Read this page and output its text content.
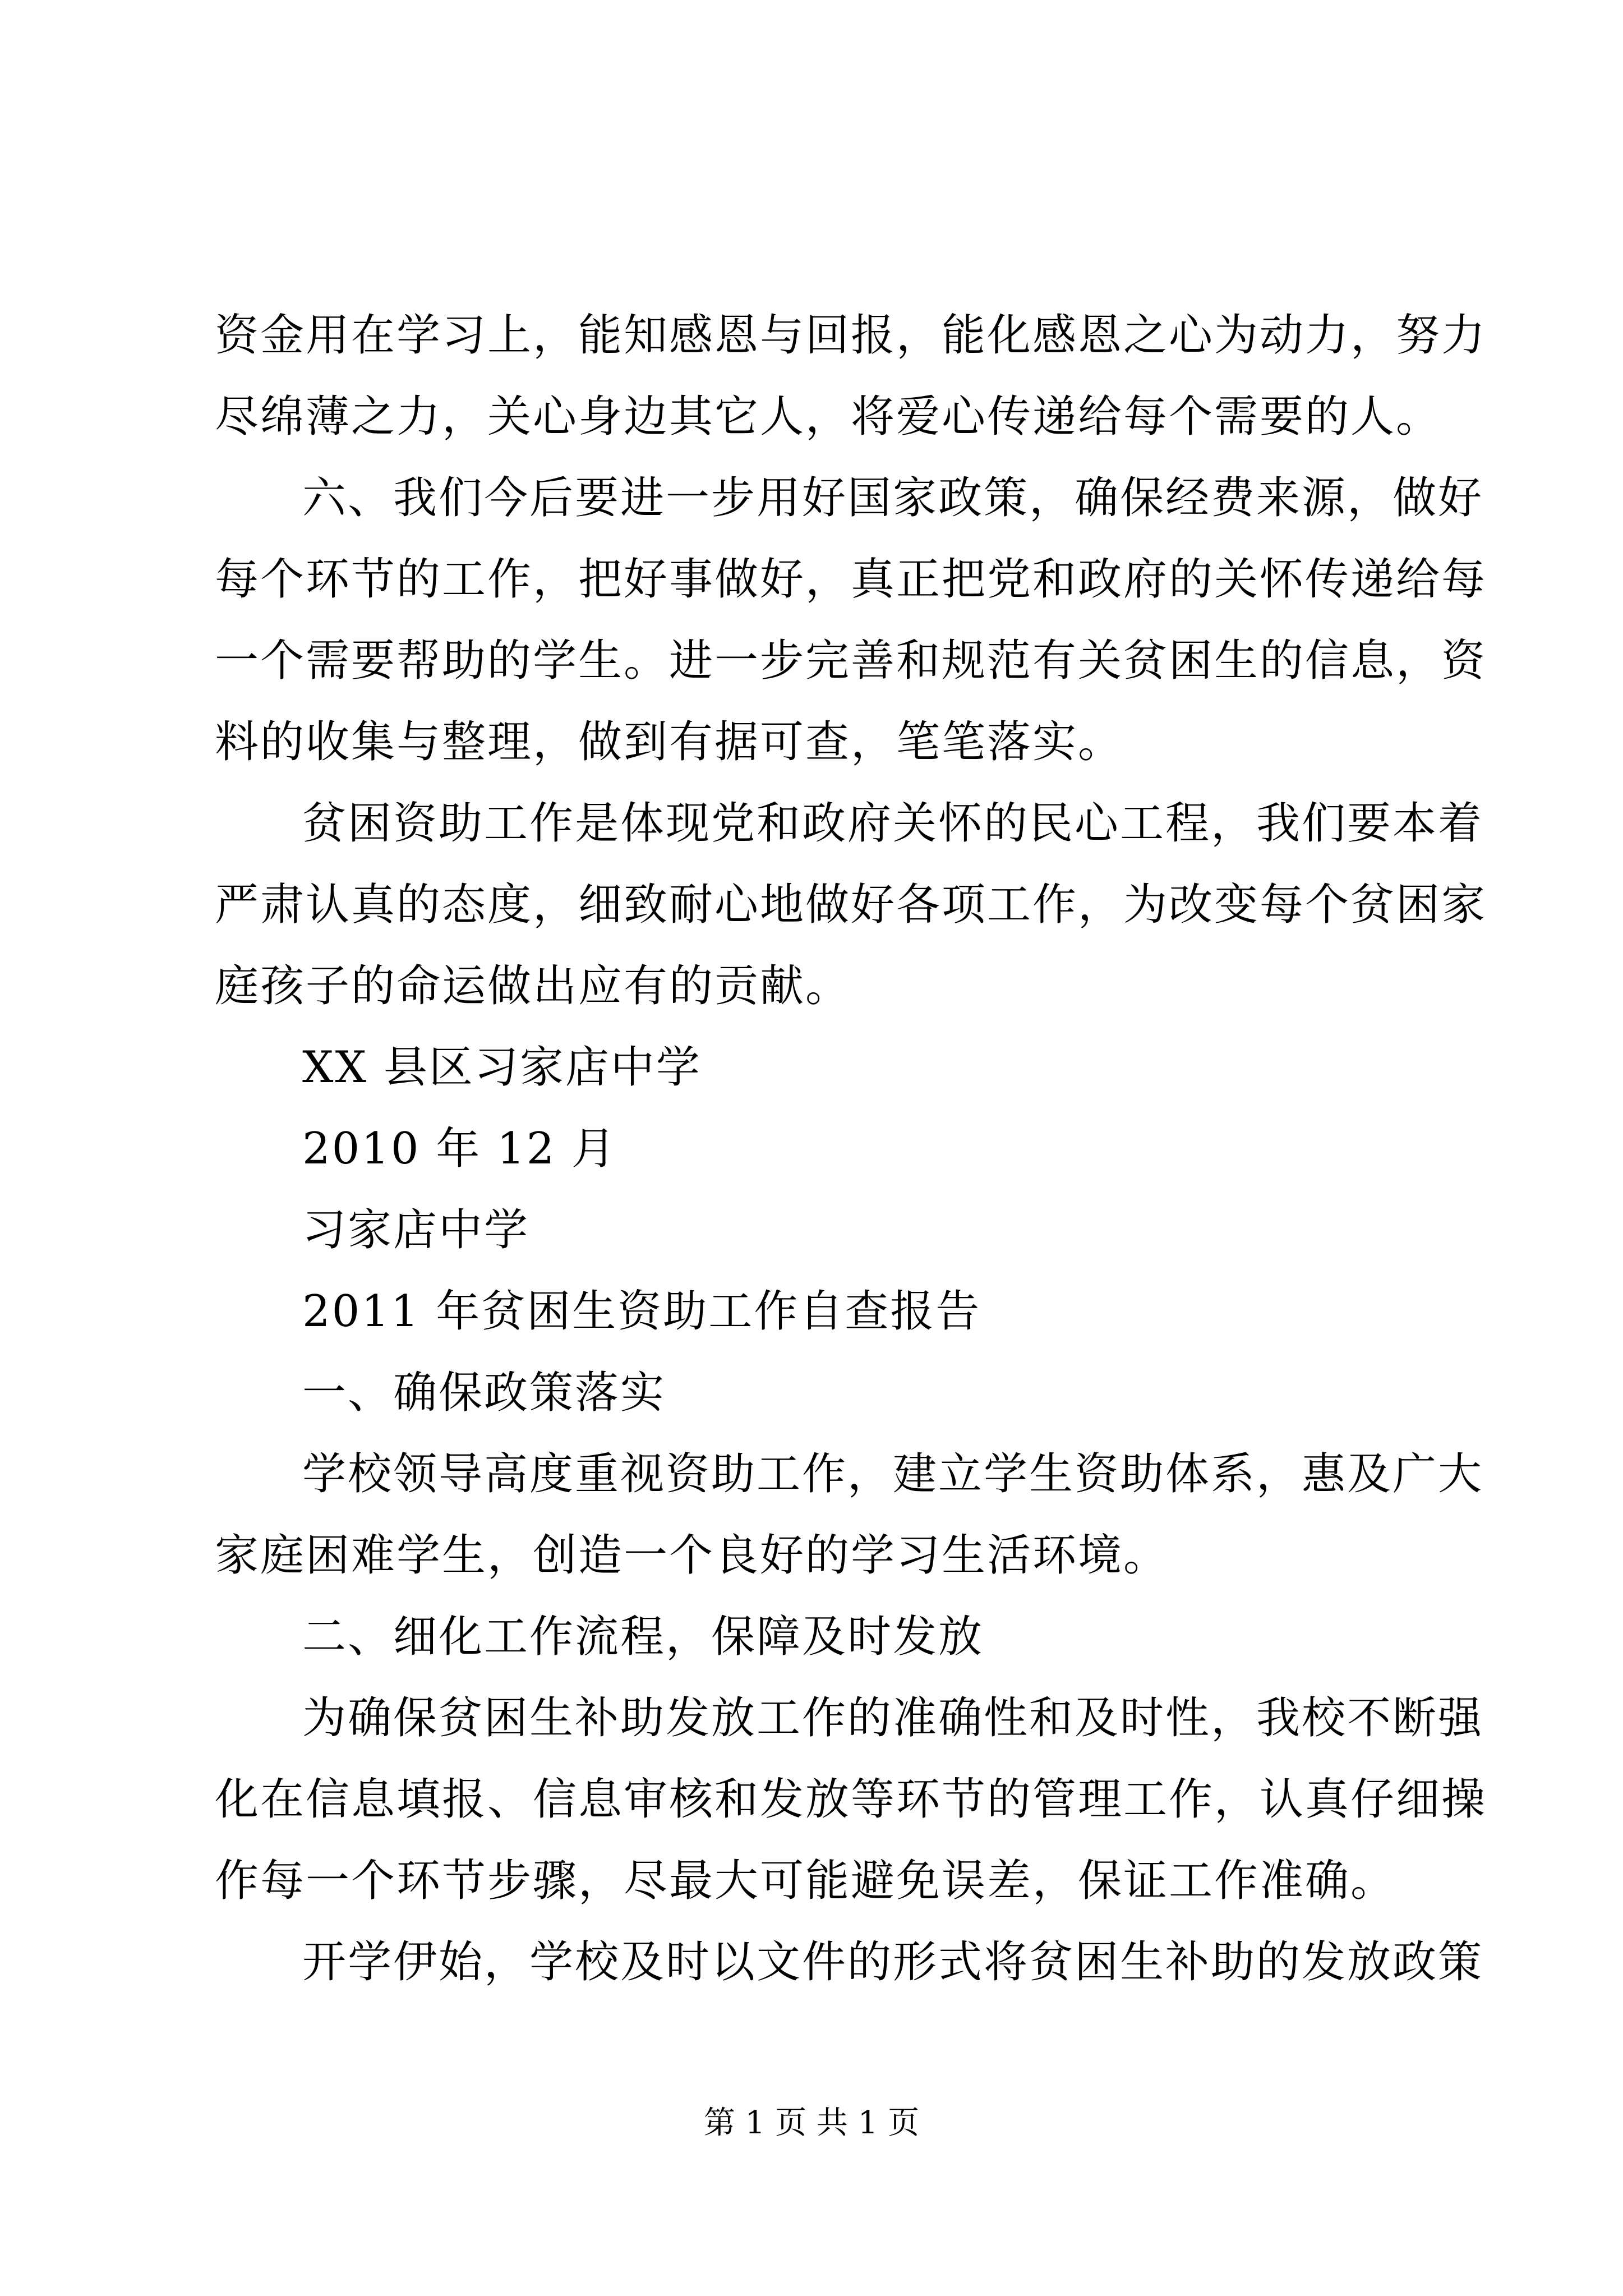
资金用在学习上，能知感恩与回报，能化感恩之心为动力，努力
尽绵薄之力，关心身边其它人，将爱心传递给每个需要的人。
六、我们今后要进一步用好国家政策，确保经费来源，做好
每个环节的工作，把好事做好，真正把党和政府的关怀传递给每
一个需要帮助的学生。进一步完善和规范有关贫困生的信息，资
料的收集与整理，做到有据可查，笔笔落实。
贫困资助工作是体现党和政府关怀的民心工程，我们要本着
严肃认真的态度，细致耐心地做好各项工作，为改变每个贫困家
庭孩子的命运做出应有的贡献。
XX 县区习家店中学
2010 年 12 月
习家店中学
2011 年贫困生资助工作自查报告
一、确保政策落实
学校领导高度重视资助工作，建立学生资助体系，惠及广大
家庭困难学生，创造一个良好的学习生活环境。
二、细化工作流程，保障及时发放
为确保贫困生补助发放工作的准确性和及时性，我校不断强
化在信息填报、信息审核和发放等环节的管理工作，认真仔细操
作每一个环节步骤，尽最大可能避免误差，保证工作准确。
开学伊始，学校及时以文件的形式将贫困生补助的发放政策
第 1 页 共 1 页
